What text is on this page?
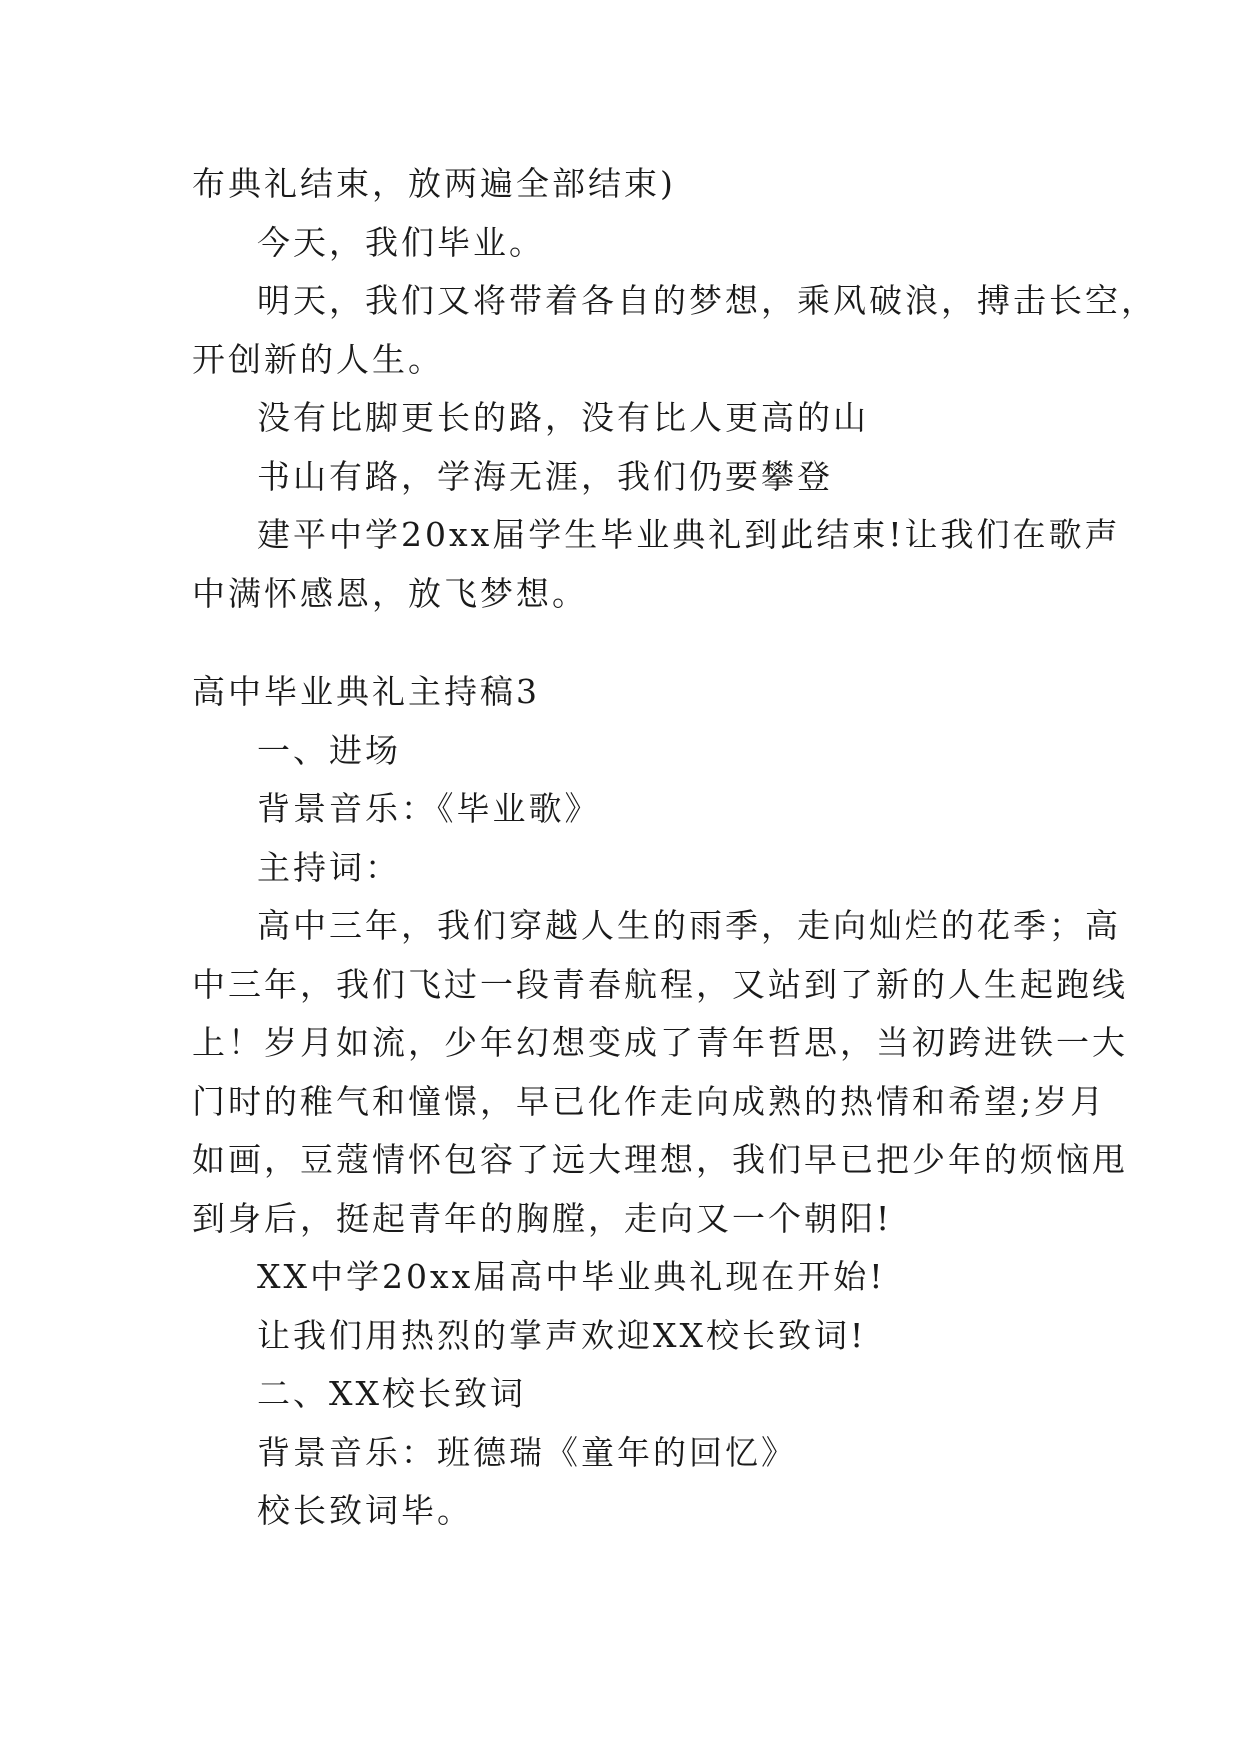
布典礼结束，放两遍全部结束)
今天，我们毕业。
明天，我们又将带着各自的梦想，乘风破浪，搏击长空，
开创新的人生。
没有比脚更长的路，没有比人更高的山
书山有路，学海无涯，我们仍要攀登
建平中学20xx届学生毕业典礼到此结束!让我们在歌声
中满怀感恩，放飞梦想。
高中毕业典礼主持稿3
一、进场
背景音乐：《毕业歌》
主持词：
高中三年，我们穿越人生的雨季，走向灿烂的花季；高
中三年，我们飞过一段青春航程，又站到了新的人生起跑线
上！岁月如流，少年幻想变成了青年哲思，当初跨进铁一大
门时的稚气和憧憬，早已化作走向成熟的热情和希望;岁月
如画，豆蔻情怀包容了远大理想，我们早已把少年的烦恼甩
到身后，挺起青年的胸膛，走向又一个朝阳!
XX中学20xx届高中毕业典礼现在开始!
让我们用热烈的掌声欢迎XX校长致词!
二、XX校长致词
背景音乐：班德瑞《童年的回忆》
校长致词毕。
